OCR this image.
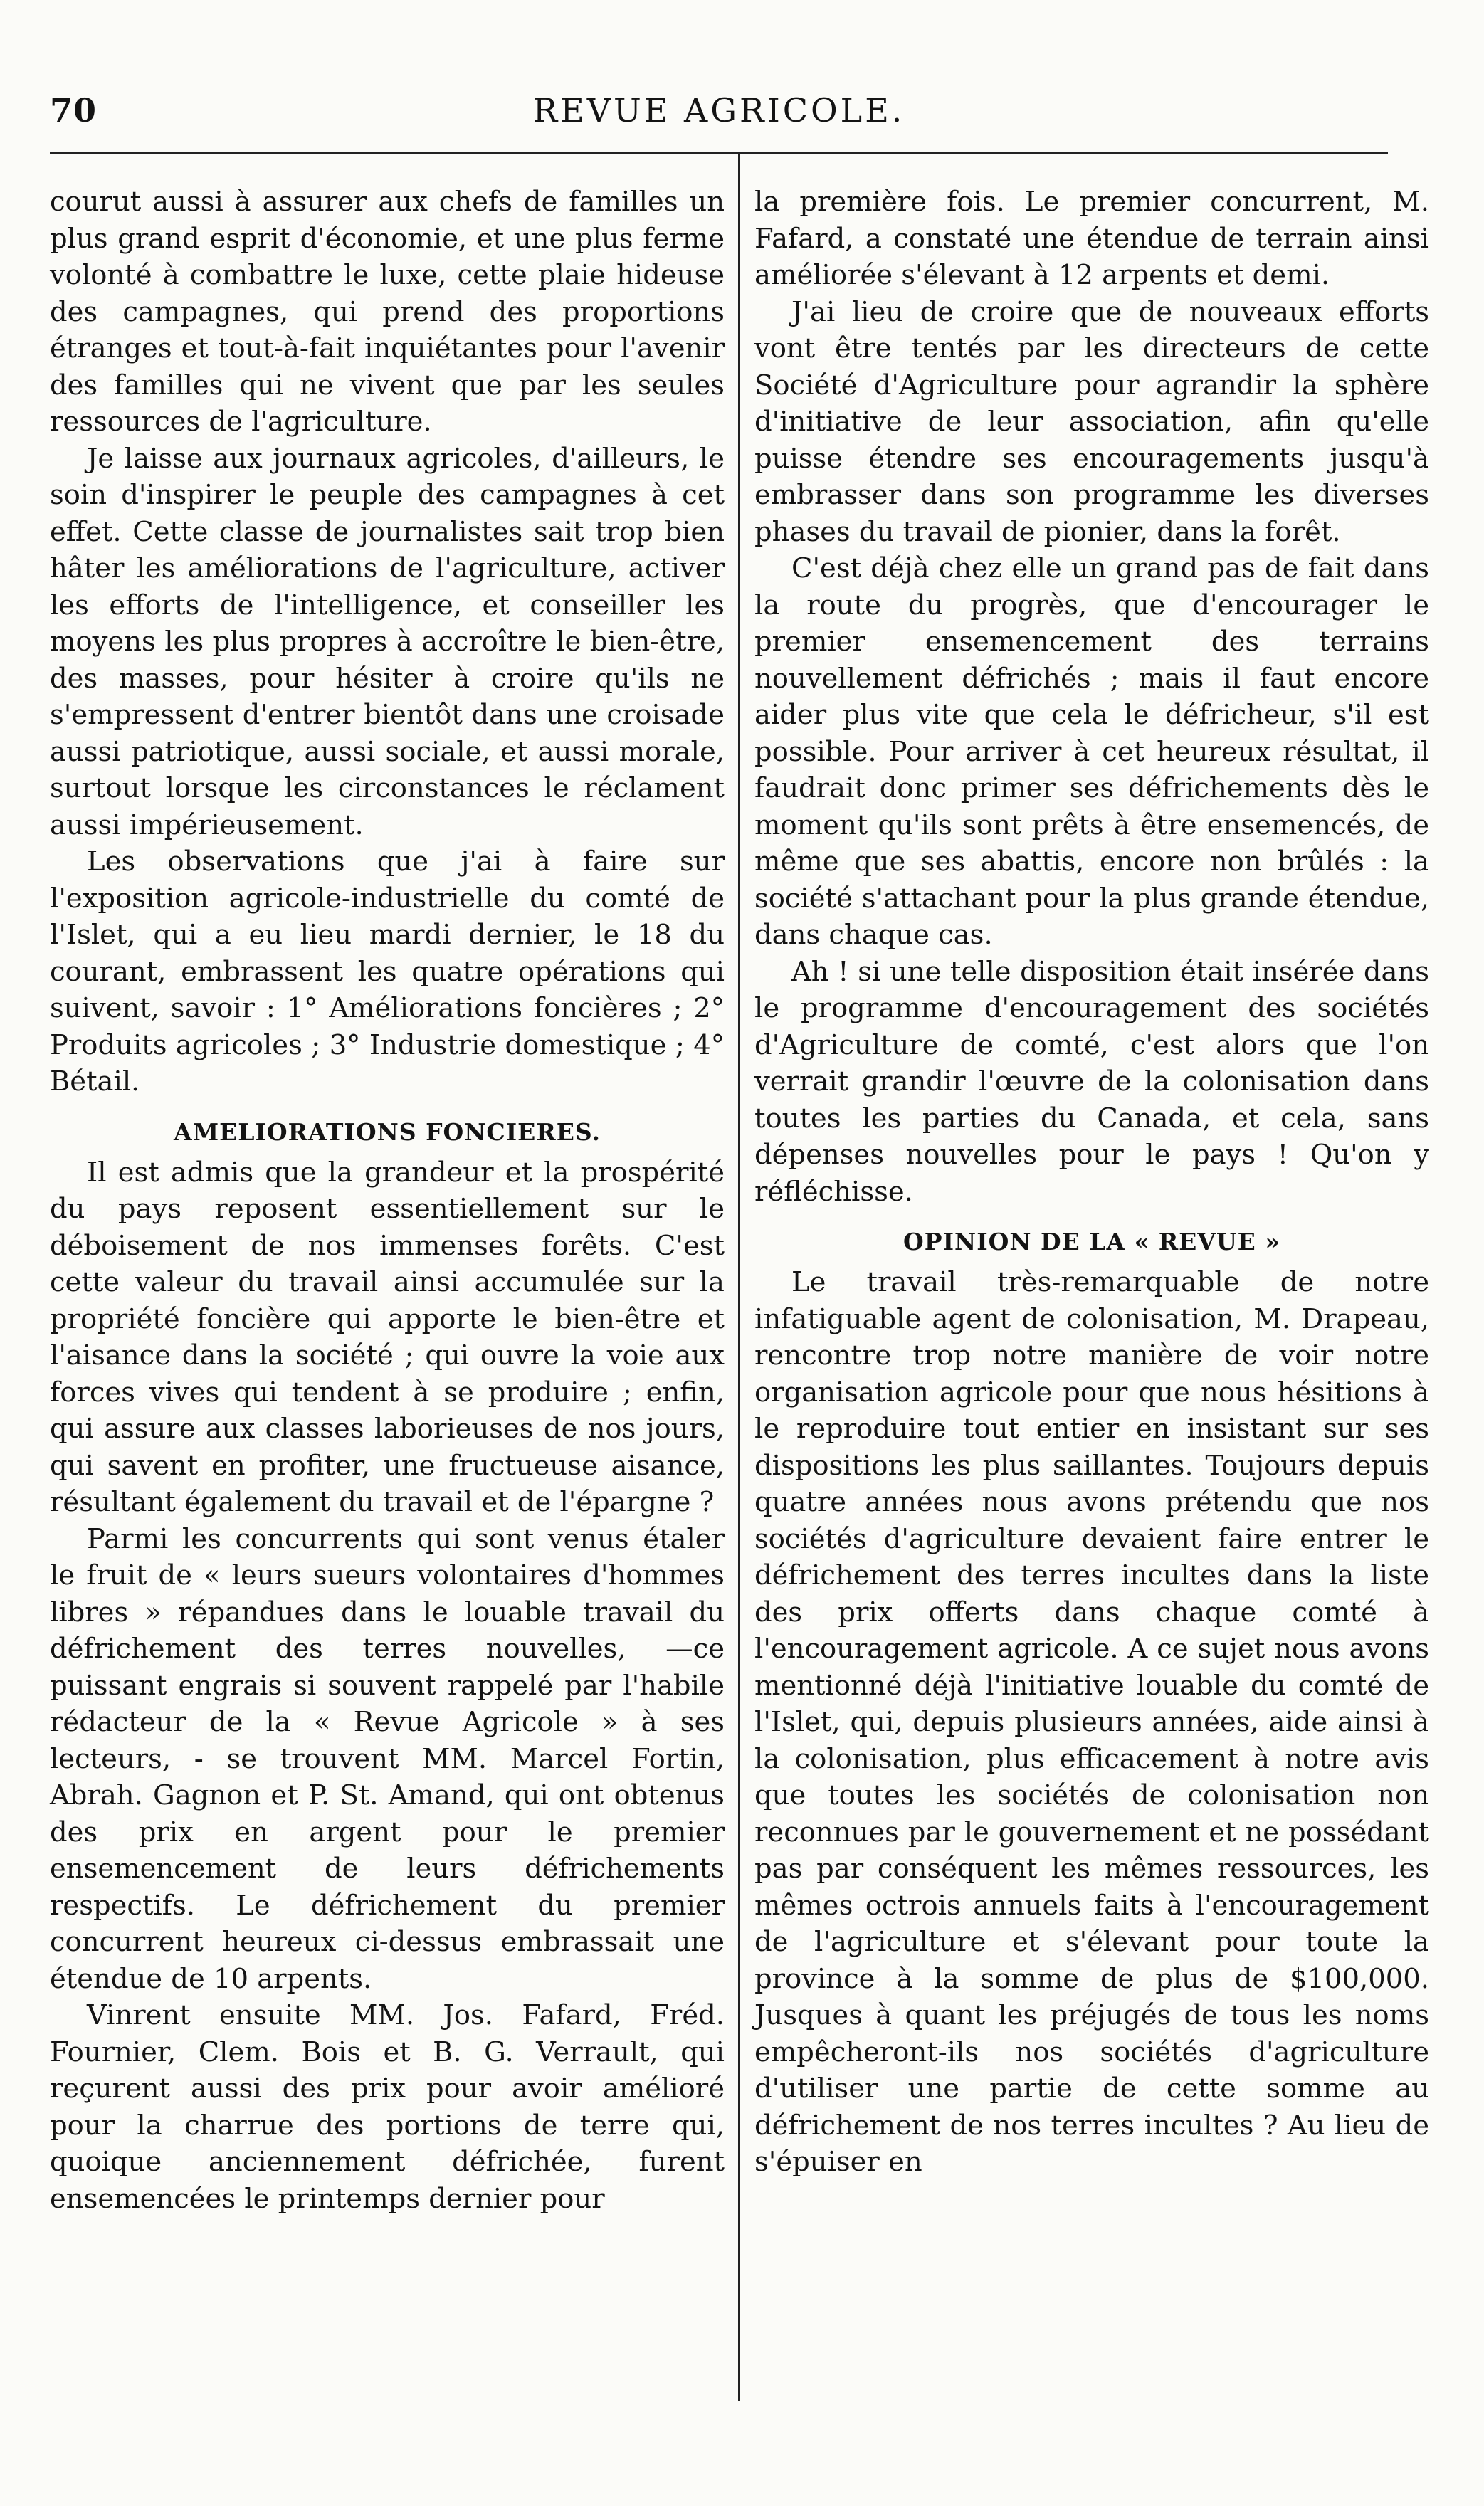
70	REVUE AGRICOLE.

courut aussi à assurer aux chefs de familles un plus grand esprit d'économie, et une plus ferme volonté à combattre le luxe, cette plaie hideuse des campagnes, qui prend des proportions étranges et tout-à-fait inquiétantes pour l'avenir des familles qui ne vivent que par les seules ressources de l'agriculture.

Je laisse aux journaux agricoles, d'ailleurs, le soin d'inspirer le peuple des campagnes à cet effet. Cette classe de journalistes sait trop bien hâter les améliorations de l'agriculture, activer les efforts de l'intelligence, et conseiller les moyens les plus propres à accroître le bien-être, des masses, pour hésiter à croire qu'ils ne s'empressent d'entrer bientôt dans une croisade aussi patriotique, aussi sociale, et aussi morale, surtout lorsque les circonstances le réclament aussi impérieusement.

Les observations que j'ai à faire sur l'exposition agricole-industrielle du comté de l'Islet, qui a eu lieu mardi dernier, le 18 du courant, embrassent les quatre opérations qui suivent, savoir : 1° Améliorations foncières ; 2° Produits agricoles ; 3° Industrie domestique ; 4° Bétail.

AMELIORATIONS FONCIERES.

Il est admis que la grandeur et la prospérité du pays reposent essentiellement sur le déboisement de nos immenses forêts. C'est cette valeur du travail ainsi accumulée sur la propriété foncière qui apporte le bien-être et l'aisance dans la société ; qui ouvre la voie aux forces vives qui tendent à se produire ; enfin, qui assure aux classes laborieuses de nos jours, qui savent en profiter, une fructueuse aisance, résultant également du travail et de l'épargne ?

Parmi les concurrents qui sont venus étaler le fruit de « leurs sueurs volontaires d'hommes libres » répandues dans le louable travail du défrichement des terres nouvelles, —ce puissant engrais si souvent rappelé par l'habile rédacteur de la « Revue Agricole » à ses lecteurs, - se trouvent MM. Marcel Fortin, Abrah. Gagnon et P. St. Amand, qui ont obtenus des prix en argent pour le premier ensemencement de leurs défrichements respectifs. Le défrichement du premier concurrent heureux ci-dessus embrassait une étendue de 10 arpents.

Vinrent ensuite MM. Jos. Fafard, Fréd. Fournier, Clem. Bois et B. G. Verrault, qui reçurent aussi des prix pour avoir amélioré pour la charrue des portions de terre qui, quoique anciennement défrichée, furent ensemencées le printemps dernier pour

la première fois. Le premier concurrent, M. Fafard, a constaté une étendue de terrain ainsi améliorée s'élevant à 12 arpents et demi.

J'ai lieu de croire que de nouveaux efforts vont être tentés par les directeurs de cette Société d'Agriculture pour agrandir la sphère d'initiative de leur association, afin qu'elle puisse étendre ses encouragements jusqu'à embrasser dans son programme les diverses phases du travail de pionier, dans la forêt.

C'est déjà chez elle un grand pas de fait dans la route du progrès, que d'encourager le premier ensemencement des terrains nouvellement défrichés ; mais il faut encore aider plus vite que cela le défricheur, s'il est possible. Pour arriver à cet heureux résultat, il faudrait donc primer ses défrichements dès le moment qu'ils sont prêts à être ensemencés, de même que ses abattis, encore non brûlés : la société s'attachant pour la plus grande étendue, dans chaque cas.

Ah ! si une telle disposition était insérée dans le programme d'encouragement des sociétés d'Agriculture de comté, c'est alors que l'on verrait grandir l'œuvre de la colonisation dans toutes les parties du Canada, et cela, sans dépenses nouvelles pour le pays ! Qu'on y réfléchisse.

OPINION DE LA « REVUE »

Le travail très-remarquable de notre infatiguable agent de colonisation, M. Drapeau, rencontre trop notre manière de voir notre organisation agricole pour que nous hésitions à le reproduire tout entier en insistant sur ses dispositions les plus saillantes. Toujours depuis quatre années nous avons prétendu que nos sociétés d'agriculture devaient faire entrer le défrichement des terres incultes dans la liste des prix offerts dans chaque comté à l'encouragement agricole. A ce sujet nous avons mentionné déjà l'initiative louable du comté de l'Islet, qui, depuis plusieurs années, aide ainsi à la colonisation, plus efficacement à notre avis que toutes les sociétés de colonisation non reconnues par le gouvernement et ne possédant pas par conséquent les mêmes ressources, les mêmes octrois annuels faits à l'encouragement de l'agriculture et s'élevant pour toute la province à la somme de plus de $100,000. Jusques à quant les préjugés de tous les noms empêcheront-ils nos sociétés d'agriculture d'utiliser une partie de cette somme au défrichement de nos terres incultes ? Au lieu de s'épuiser en
